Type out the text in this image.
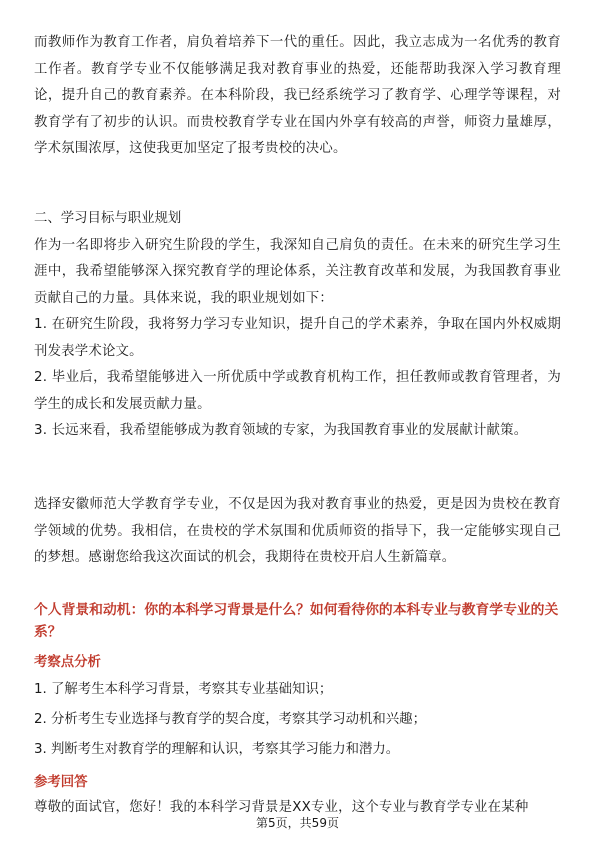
而教师作为教育工作者，肩负着培养下一代的重任。因此，我立志成为一名优秀的教育工作者。教育学专业不仅能够满足我对教育事业的热爱，还能帮助我深入学习教育理论，提升自己的教育素养。在本科阶段，我已经系统学习了教育学、心理学等课程，对教育学有了初步的认识。而贵校教育学专业在国内外享有较高的声誉，师资力量雄厚，学术氛围浓厚，这使我更加坚定了报考贵校的决心。

二、学习目标与职业规划

作为一名即将步入研究生阶段的学生，我深知自己肩负的责任。在未来的研究生学习生涯中，我希望能够深入探究教育学的理论体系，关注教育改革和发展，为我国教育事业贡献自己的力量。具体来说，我的职业规划如下：

1. 在研究生阶段，我将努力学习专业知识，提升自己的学术素养，争取在国内外权威期刊发表学术论文。

2. 毕业后，我希望能够进入一所优质中学或教育机构工作，担任教师或教育管理者，为学生的成长和发展贡献力量。

3. 长远来看，我希望能够成为教育领域的专家，为我国教育事业的发展献计献策。

选择安徽师范大学教育学专业，不仅是因为我对教育事业的热爱，更是因为贵校在教育学领域的优势。我相信，在贵校的学术氛围和优质师资的指导下，我一定能够实现自己的梦想。感谢您给我这次面试的机会，我期待在贵校开启人生新篇章。

个人背景和动机：你的本科学习背景是什么？如何看待你的本科专业与教育学专业的关系？

考察点分析

1. 了解考生本科学习背景，考察其专业基础知识；

2. 分析考生专业选择与教育学的契合度，考察其学习动机和兴趣；

3. 判断考生对教育学的理解和认识，考察其学习能力和潜力。

参考回答

尊敬的面试官，您好！我的本科学习背景是XX专业，这个专业与教育学专业在某种

第5页，共59页
